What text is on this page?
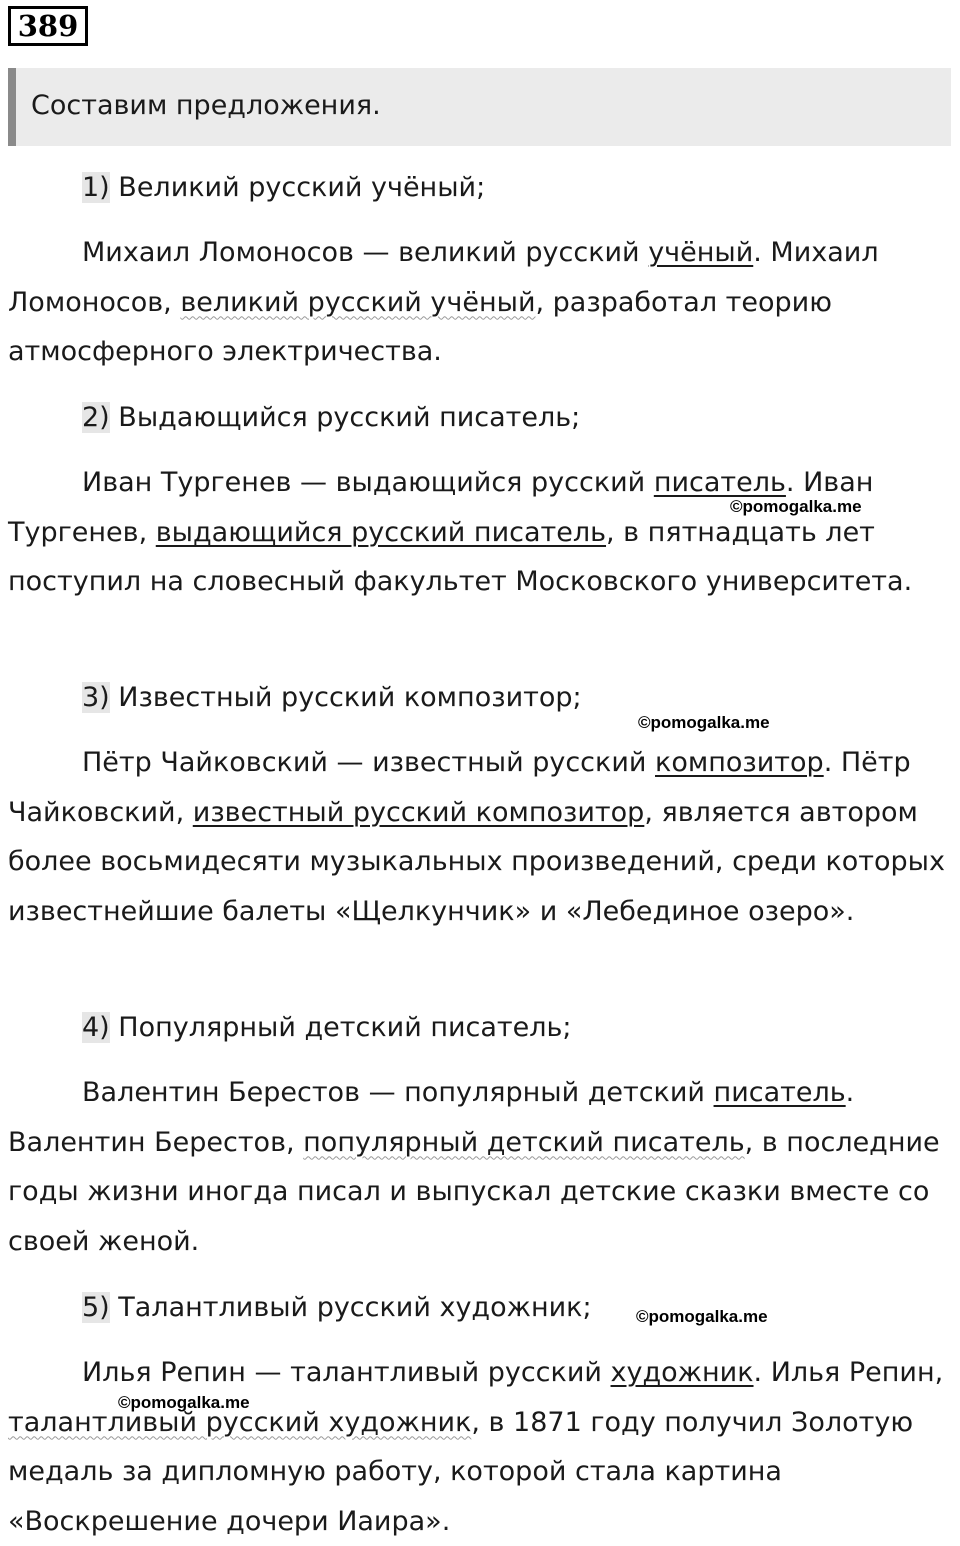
389
Составим предложения.

1) Великий русский учёный;

Михаил Ломоносов — великий русский учёный. Михаил Ломоносов, великий русский учёный, разработал теорию атмосферного электричества.

2) Выдающийся русский писатель;

Иван Тургенев — выдающийся русский писатель. Иван Тургенев, выдающийся русский писатель, в пятнадцать лет поступил на словесный факультет Московского университета.

3) Известный русский композитор;

Пётр Чайковский — известный русский композитор. Пётр Чайковский, известный русский композитор, является автором более восьмидесяти музыкальных произведений, среди которых известнейшие балеты «Щелкунчик» и «Лебединое озеро».

4) Популярный детский писатель;

Валентин Берестов — популярный детский писатель. Валентин Берестов, популярный детский писатель, в последние годы жизни иногда писал и выпускал детские сказки вместе со своей женой.

5) Талантливый русский художник;

Илья Репин — талантливый русский художник. Илья Репин, талантливый русский художник, в 1871 году получил Золотую медаль за дипломную работу, которой стала картина «Воскрешение дочери Иаира».

©pomogalka.me
©pomogalka.me
©pomogalka.me
©pomogalka.me
